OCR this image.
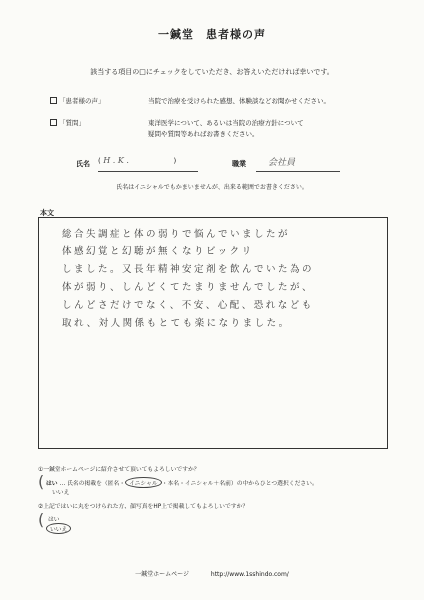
一鍼堂　患者様の声
該当する項目の□にチェックをしていただき、お答えいただければ幸いです。
「患者様の声」	当院で治療を受けられた感想、体験談などお聞かせください。
「質問」	東洋医学について、あるいは当院の治療方針について
疑問や質問等あればお書きください。
氏名 ( H . K .	)	職業 会社員
氏名はイニシャルでもかまいませんが、出来る範囲でお書きください。
本文
総合失調症と体の弱りで悩んでいましたが
体感幻覚と幻聴が無くなりビックリ
しました。又長年精神安定剤を飲んでいた為の
体が弱り、しんどくてたまりませんでしたが、
しんどさだけでなく、不安、心配、恐れなども
取れ、対人関係もとても楽になりました。
①一鍼堂ホームページに紹介させて頂いてもよろしいですか？
( はい … 氏名の掲載を（匿名・ イニシャル ・本名・イニシャル＋名前）の中からひとつ選択ください。
いいえ
②上記ではいに丸をつけられた方、顔写真をHP上で掲載してもよろしいですか？
( はい
いいえ
一鍼堂ホームページ	http://www.1sshindo.com/
